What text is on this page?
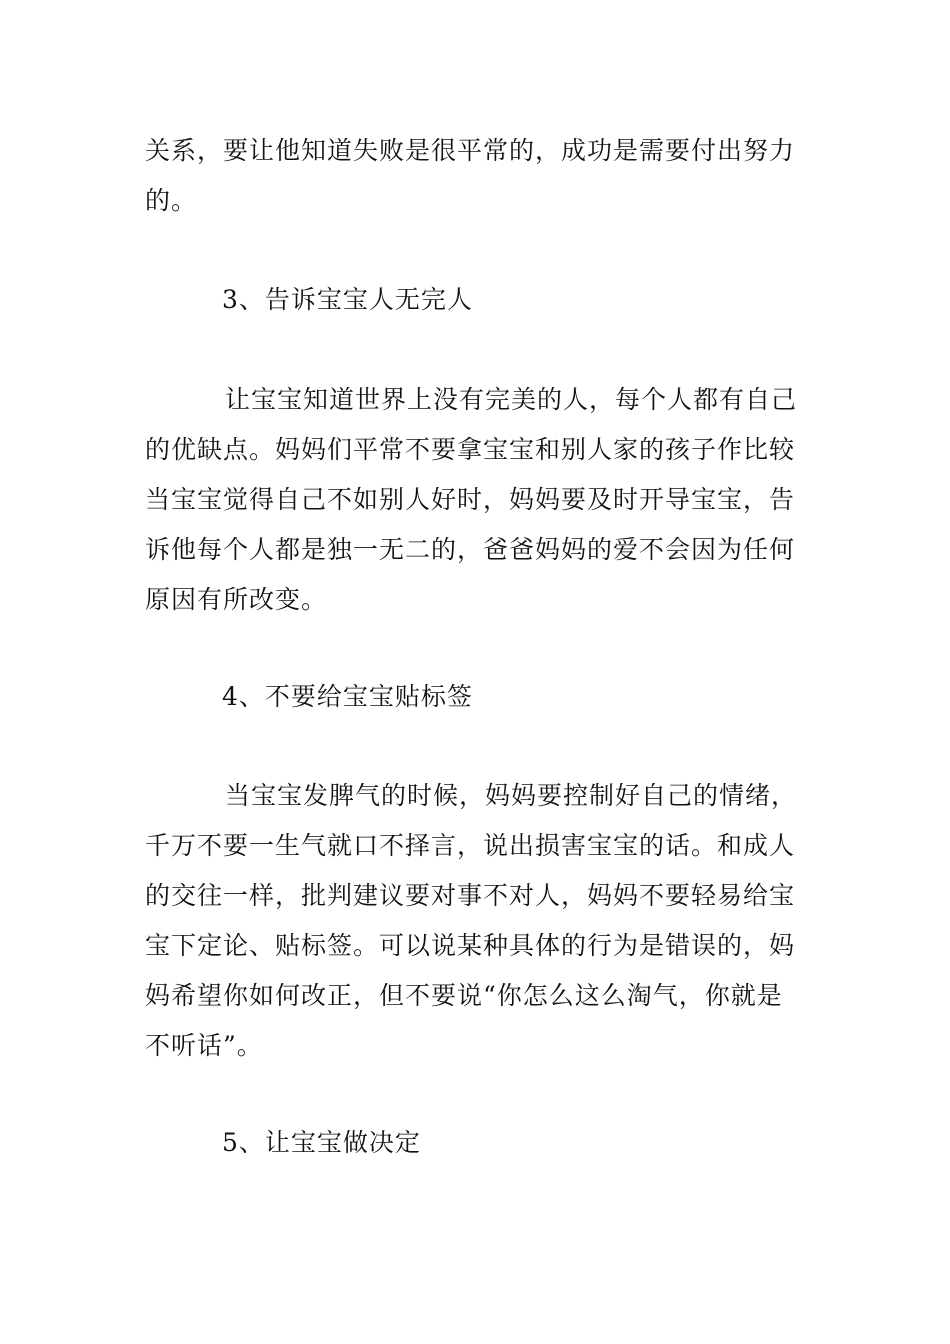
关系，要让他知道失败是很平常的，成功是需要付出努力
的。
3、告诉宝宝人无完人
让宝宝知道世界上没有完美的人，每个人都有自己
的优缺点。妈妈们平常不要拿宝宝和别人家的孩子作比较
当宝宝觉得自己不如别人好时，妈妈要及时开导宝宝，告
诉他每个人都是独一无二的，爸爸妈妈的爱不会因为任何
原因有所改变。
4、不要给宝宝贴标签
当宝宝发脾气的时候，妈妈要控制好自己的情绪，
千万不要一生气就口不择言，说出损害宝宝的话。和成人
的交往一样，批判建议要对事不对人，妈妈不要轻易给宝
宝下定论、贴标签。可以说某种具体的行为是错误的，妈
妈希望你如何改正，但不要说“你怎么这么淘气，你就是
不听话”。
5、让宝宝做决定
